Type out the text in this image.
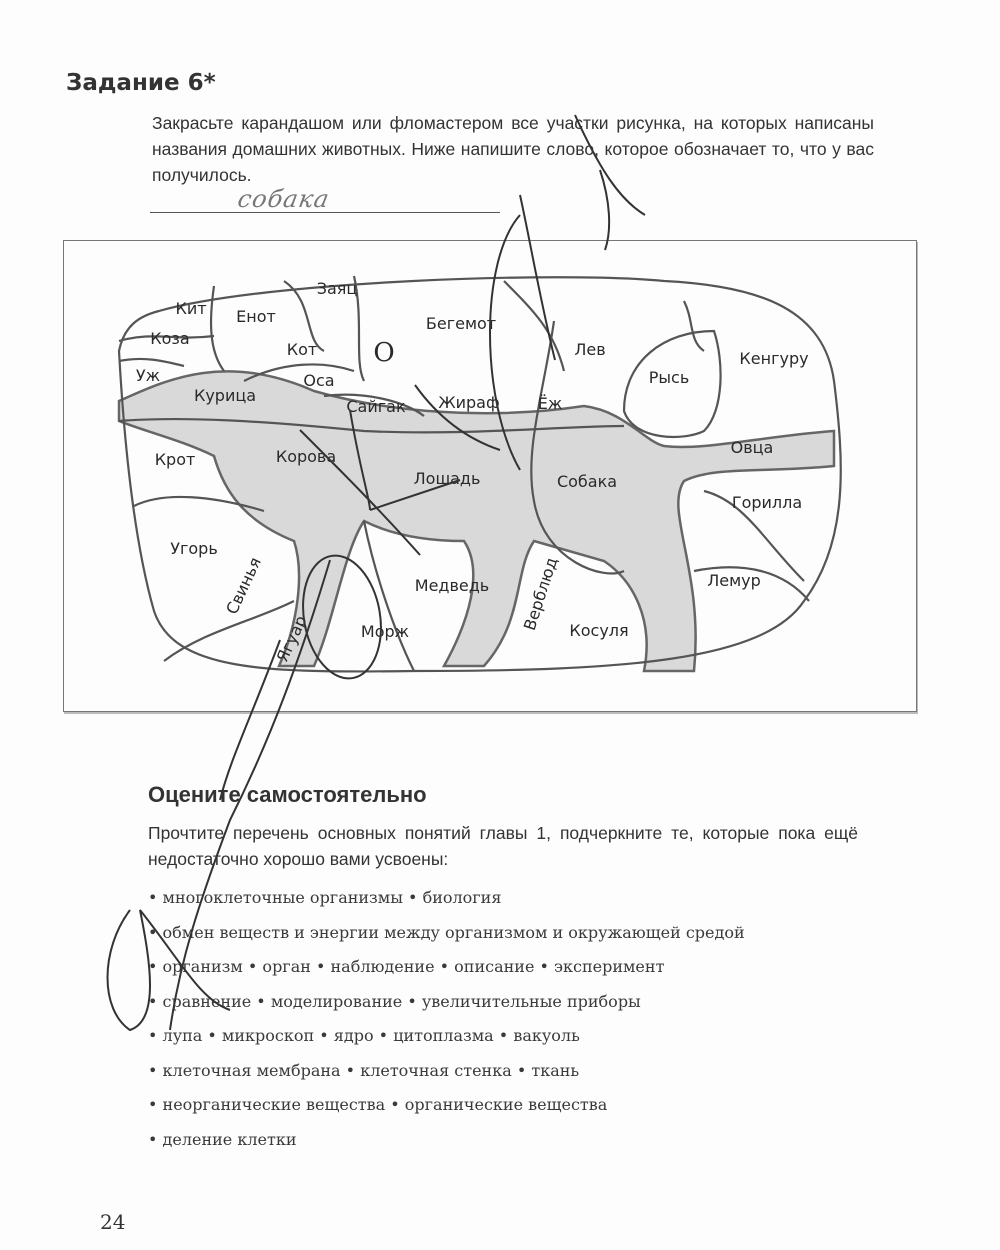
Задание 6*
Закрасьте карандашом или фломастером все участки рисунка, на которых написаны названия домашних животных. Ниже напишите слово, которое обозначает то, что у вас получилось.
собака
Кит Енот
Заяц
Бегемот
Коза
Кот О	Лев
Рысь
Кенгуру
Уж
Курица
Оса
Сайгак Жираф Ёж
Крот	Корова
Лошадь	Собака
Овца
Горилла
Угорь
Медведь	Лемур
Свинья
Ягуар
Верблюд
Морж	Косуля
Оцените самостоятельно
Прочтите перечень основных понятий главы 1, подчеркните те, которые пока ещё недостаточно хорошо вами усвоены:
• многоклеточные организмы • биология
• обмен веществ и энергии между организмом и окружающей средой
• организм • орган • наблюдение • описание • эксперимент
• сравнение • моделирование • увеличительные приборы
• лупа • микроскоп • ядро • цитоплазма • вакуоль
• клеточная мембрана • клеточная стенка • ткань
• неорганические вещества • органические вещества
• деление клетки
24
